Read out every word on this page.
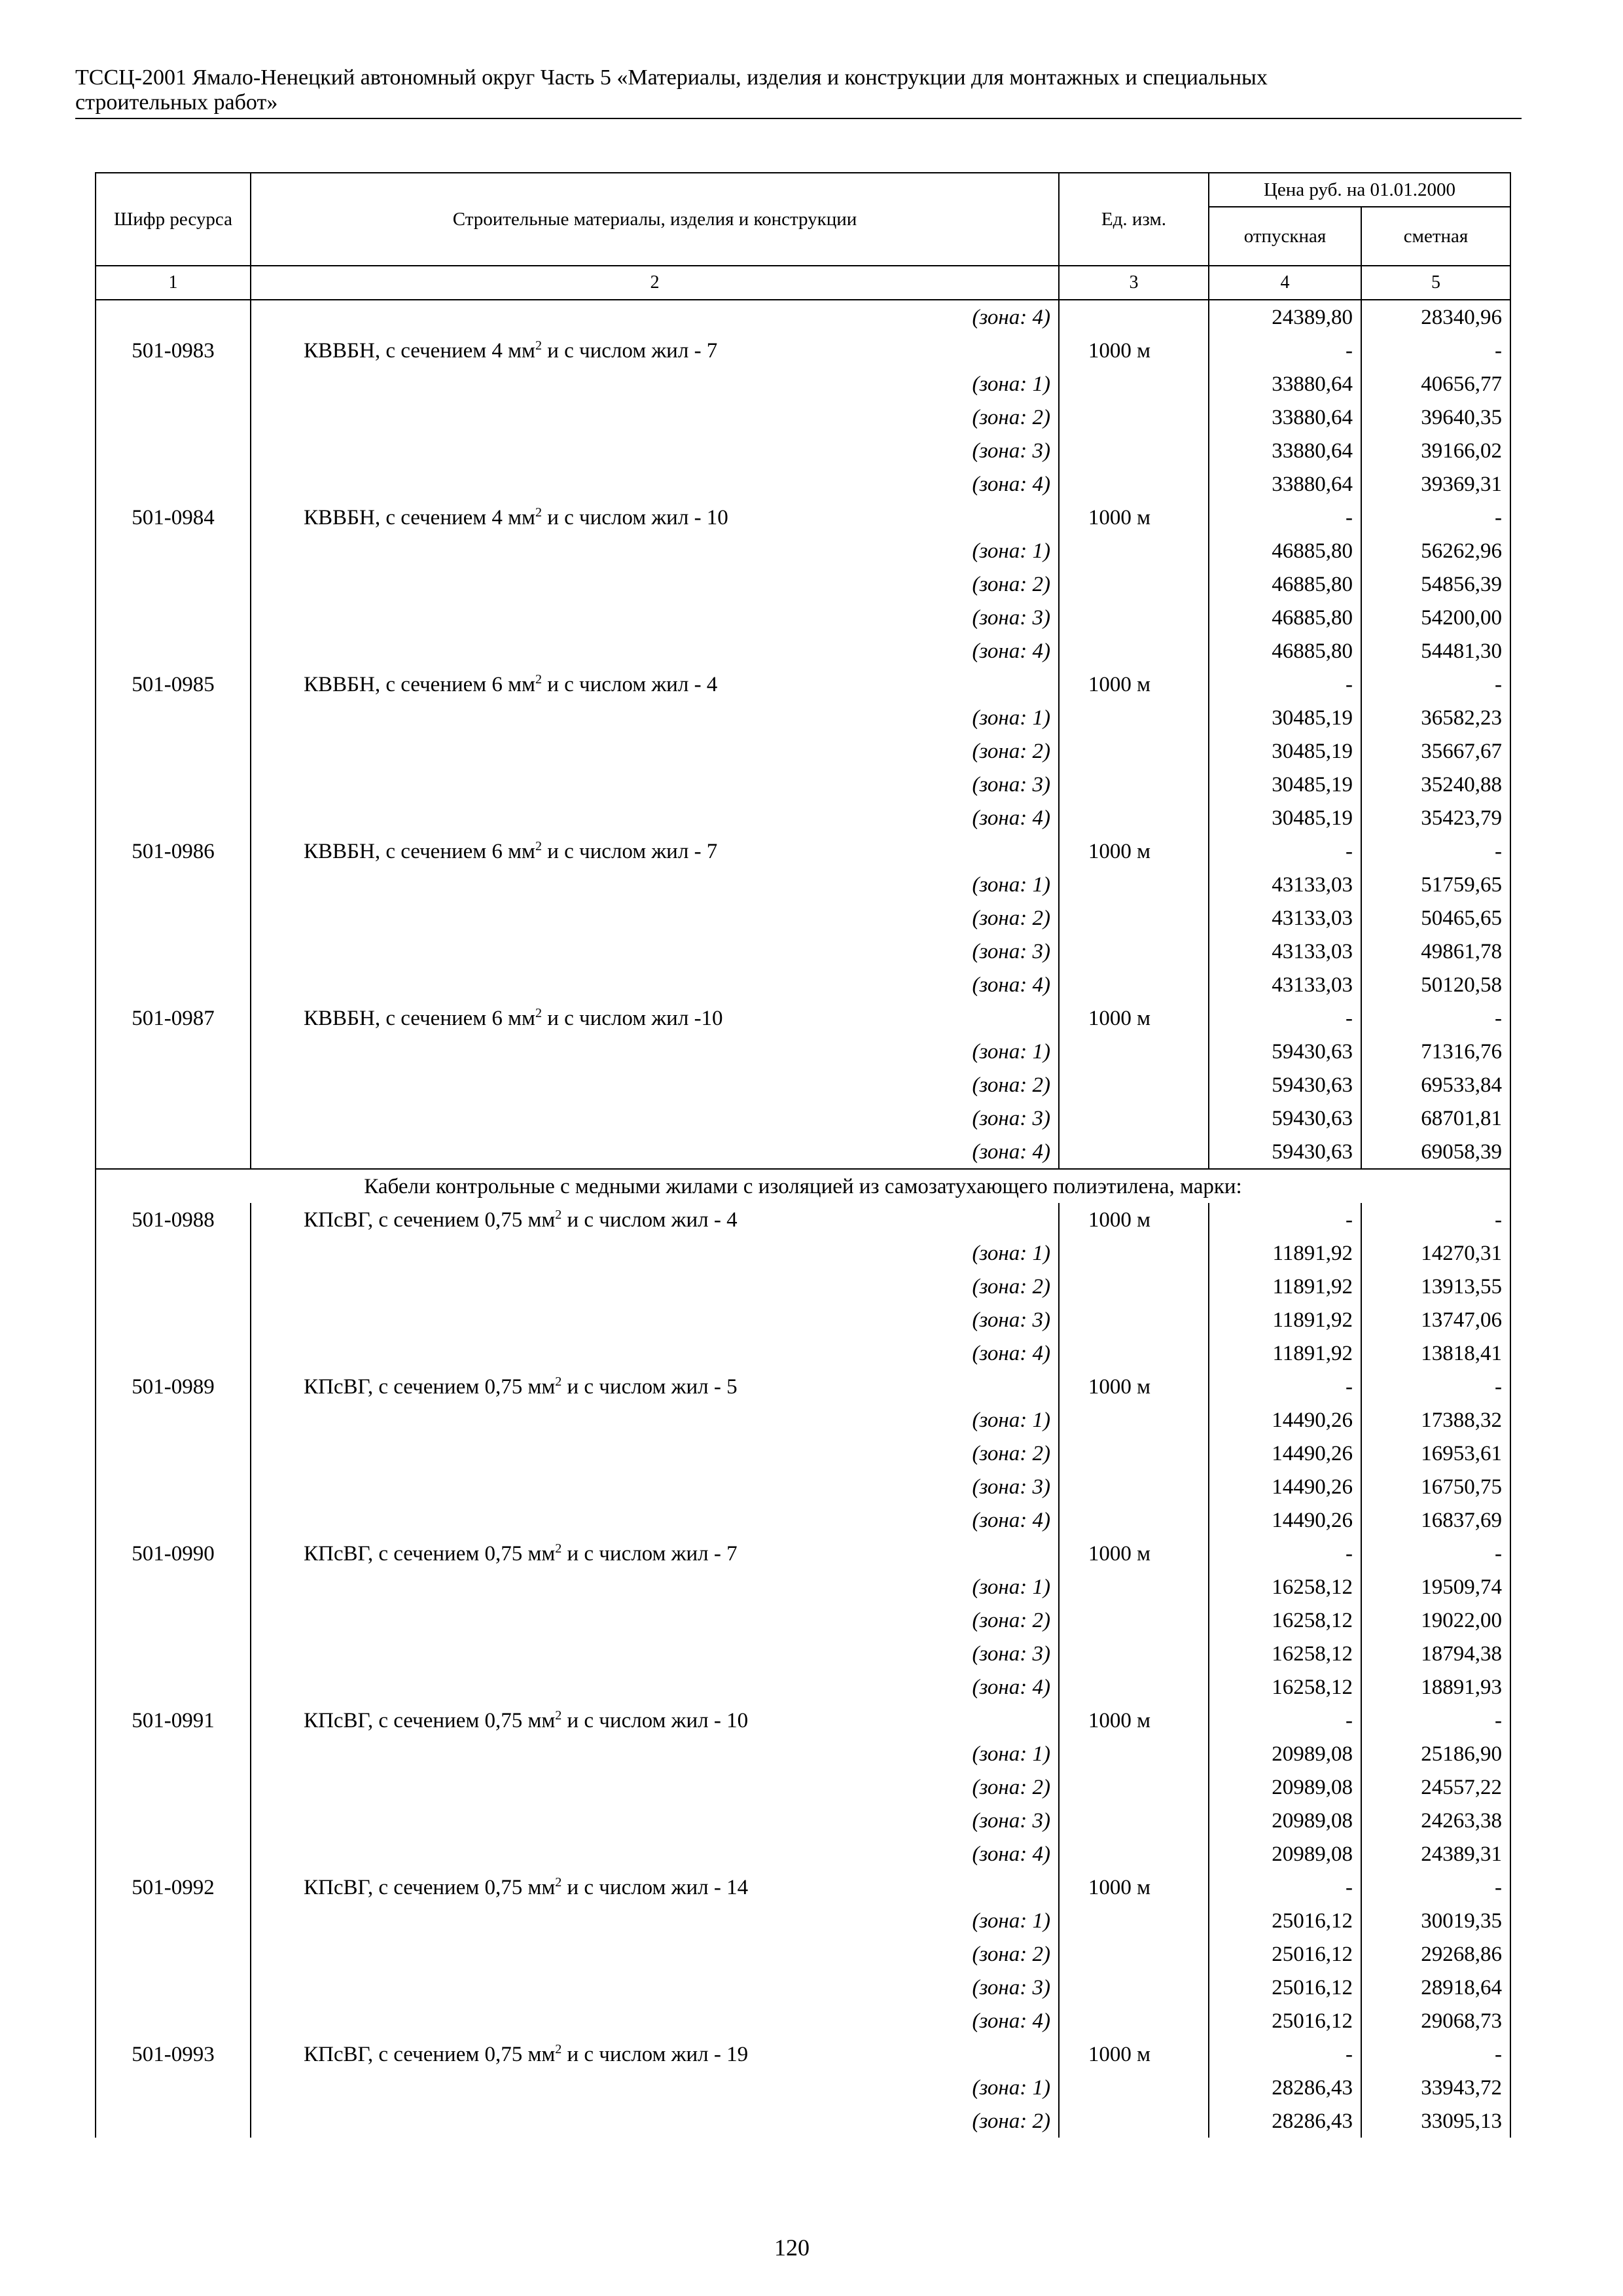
ТССЦ-2001 Ямало-Ненецкий автономный округ Часть 5 «Материалы, изделия и конструкции для монтажных и специальных
строительных работ»
Шифр ресурса	Строительные материалы, изделия и конструкции	Ед. изм.	Цена руб. на 01.01.2000	
			отпускная	сметная
1	2	3	4	5
	(зона: 4)		24389,80	28340,96
501-0983	КВВБН, с сечением 4 $мм^2$ и с числом жил - 7	1000 м	-	-
	(зона: 1)		33880,64	40656,77
	(зона: 2)		33880,64	39640,35
	(зона: 3)		33880,64	39166,02
	(зона: 4)		33880,64	39369,31
501-0984	КВВБН, с сечением 4 $мм^2$ и с числом жил - 10	1000 м	-	-
	(зона: 1)		46885,80	56262,96
	(зона: 2)		46885,80	54856,39
	(зона: 3)		46885,80	54200,00
	(зона: 4)		46885,80	54481,30
501-0985	КВВБН, с сечением 6 $мм^2$ и с числом жил - 4	1000 м	-	-
	(зона: 1)		30485,19	36582,23
	(зона: 2)		30485,19	35667,67
	(зона: 3)		30485,19	35240,88
	(зона: 4)		30485,19	35423,79
501-0986	КВВБН, с сечением 6 $мм^2$ и с числом жил - 7	1000 м	-	-
	(зона: 1)		43133,03	51759,65
	(зона: 2)		43133,03	50465,65
	(зона: 3)		43133,03	49861,78
	(зона: 4)		43133,03	50120,58
501-0987	КВВБН, с сечением 6 $мм^2$ и с числом жил -10	1000 м	-	-
	(зона: 1)		59430,63	71316,76
	(зона: 2)		59430,63	69533,84
	(зона: 3)		59430,63	68701,81
	(зона: 4)		59430,63	69058,39
Кабели контрольные с медными жилами с изоляцией из самозатухающего полиэтилена, марки:				
501-0988	КПсВГ, с сечением 0,75 $мм^2$ и с числом жил - 4	1000 м	-	-
	(зона: 1)		11891,92	14270,31
	(зона: 2)		11891,92	13913,55
	(зона: 3)		11891,92	13747,06
	(зона: 4)		11891,92	13818,41
501-0989	КПсВГ, с сечением 0,75 $мм^2$ и с числом жил - 5	1000 м	-	-
	(зона: 1)		14490,26	17388,32
	(зона: 2)		14490,26	16953,61
	(зона: 3)		14490,26	16750,75
	(зона: 4)		14490,26	16837,69
501-0990	КПсВГ, с сечением 0,75 $мм^2$ и с числом жил - 7	1000 м	-	-
	(зона: 1)		16258,12	19509,74
	(зона: 2)		16258,12	19022,00
	(зона: 3)		16258,12	18794,38
	(зона: 4)		16258,12	18891,93
501-0991	КПсВГ, с сечением 0,75 $мм^2$ и с числом жил - 10	1000 м	-	-
	(зона: 1)		20989,08	25186,90
	(зона: 2)		20989,08	24557,22
	(зона: 3)		20989,08	24263,38
	(зона: 4)		20989,08	24389,31
501-0992	КПсВГ, с сечением 0,75 $мм^2$ и с числом жил - 14	1000 м	-	-
	(зона: 1)		25016,12	30019,35
	(зона: 2)		25016,12	29268,86
	(зона: 3)		25016,12	28918,64
	(зона: 4)		25016,12	29068,73
501-0993	КПсВГ, с сечением 0,75 $мм^2$ и с числом жил - 19	1000 м	-	-
	(зона: 1)		28286,43	33943,72
	(зона: 2)		28286,43	33095,13
120
